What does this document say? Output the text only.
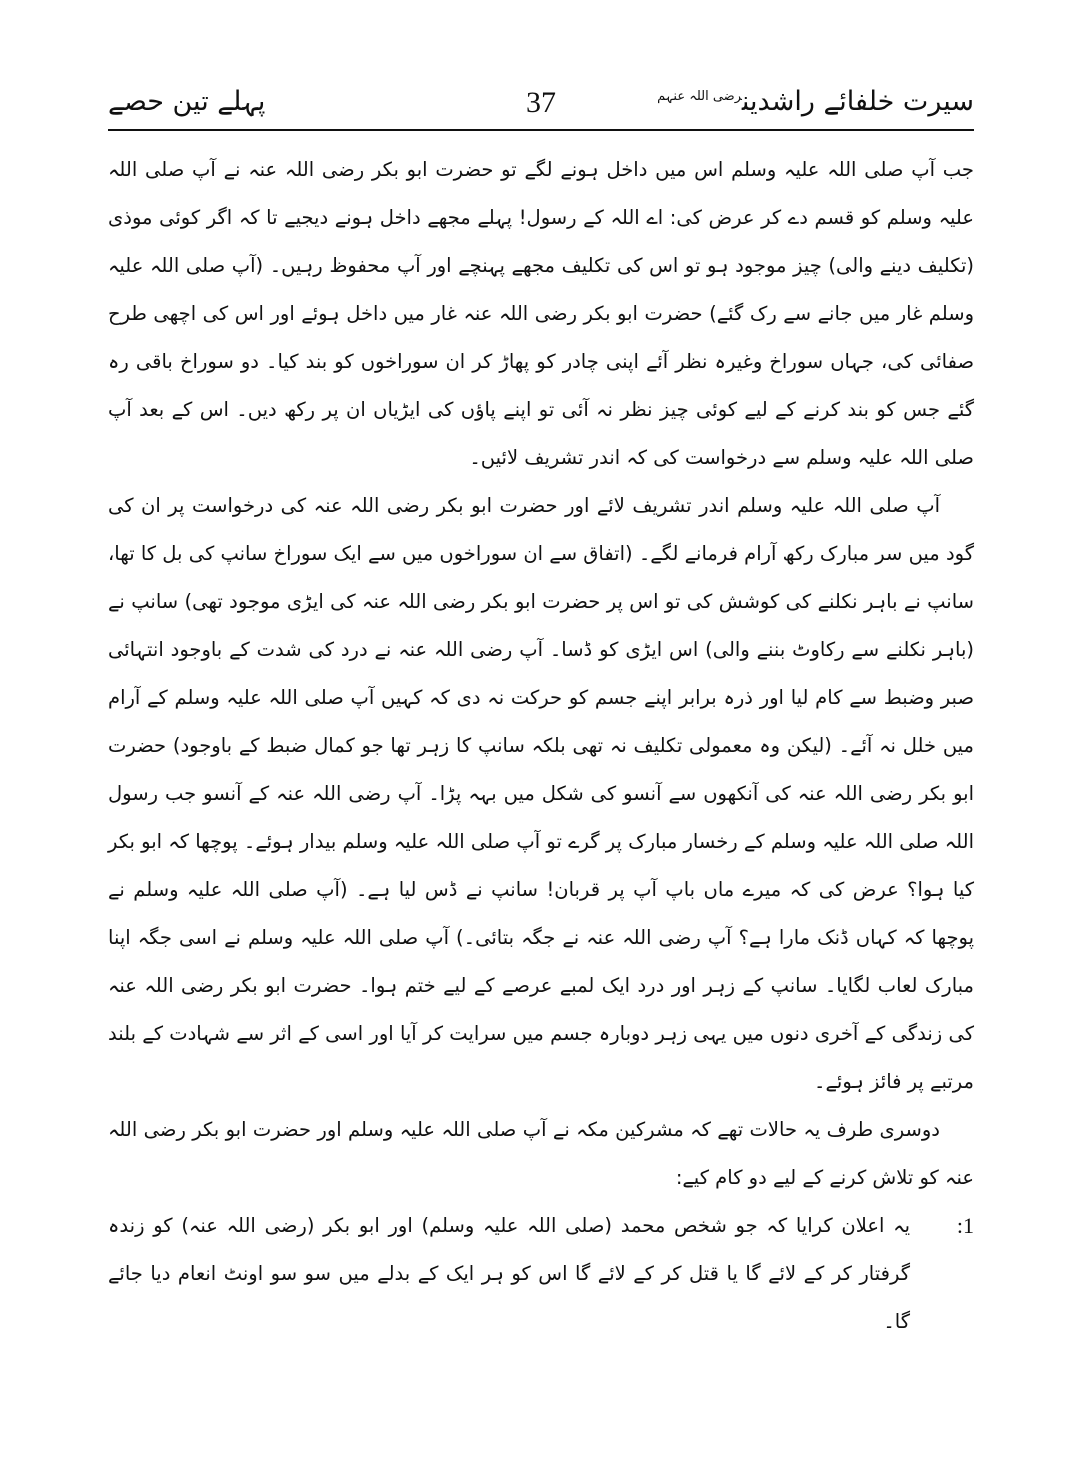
سیرت خلفائے راشدین$^{رضی اللہ عنہم}$
37
پہلے تین حصے

جب آپ صلی اللہ علیہ وسلم اس میں داخل ہونے لگے تو حضرت ابو بکر رضی اللہ عنہ نے آپ صلی اللہ علیہ وسلم کو قسم دے کر عرض کی: اے اللہ کے رسول! پہلے مجھے داخل ہونے دیجیے تا کہ اگر کوئی موذی (تکلیف دینے والی) چیز موجود ہو تو اس کی تکلیف مجھے پہنچے اور آپ محفوظ رہیں۔ (آپ صلی اللہ علیہ وسلم غار میں جانے سے رک گئے) حضرت ابو بکر رضی اللہ عنہ غار میں داخل ہوئے اور اس کی اچھی طرح صفائی کی، جہاں سوراخ وغیرہ نظر آئے اپنی چادر کو پھاڑ کر ان سوراخوں کو بند کیا۔ دو سوراخ باقی رہ گئے جس کو بند کرنے کے لیے کوئی چیز نظر نہ آئی تو اپنے پاؤں کی ایڑیاں ان پر رکھ دیں۔ اس کے بعد آپ صلی اللہ علیہ وسلم سے درخواست کی کہ اندر تشریف لائیں۔

آپ صلی اللہ علیہ وسلم اندر تشریف لائے اور حضرت ابو بکر رضی اللہ عنہ کی درخواست پر ان کی گود میں سر مبارک رکھ آرام فرمانے لگے۔ (اتفاق سے ان سوراخوں میں سے ایک سوراخ سانپ کی بل کا تھا، سانپ نے باہر نکلنے کی کوشش کی تو اس پر حضرت ابو بکر رضی اللہ عنہ کی ایڑی موجود تھی) سانپ نے (باہر نکلنے سے رکاوٹ بننے والی) اس ایڑی کو ڈسا۔ آپ رضی اللہ عنہ نے درد کی شدت کے باوجود انتہائی صبر وضبط سے کام لیا اور ذرہ برابر اپنے جسم کو حرکت نہ دی کہ کہیں آپ صلی اللہ علیہ وسلم کے آرام میں خلل نہ آئے۔ (لیکن وہ معمولی تکلیف نہ تھی بلکہ سانپ کا زہر تھا جو کمال ضبط کے باوجود) حضرت ابو بکر رضی اللہ عنہ کی آنکھوں سے آنسو کی شکل میں بہہ پڑا۔ آپ رضی اللہ عنہ کے آنسو جب رسول اللہ صلی اللہ علیہ وسلم کے رخسار مبارک پر گرے تو آپ صلی اللہ علیہ وسلم بیدار ہوئے۔ پوچھا کہ ابو بکر کیا ہوا؟ عرض کی کہ میرے ماں باپ آپ پر قربان! سانپ نے ڈس لیا ہے۔ (آپ صلی اللہ علیہ وسلم نے پوچھا کہ کہاں ڈنک مارا ہے؟ آپ رضی اللہ عنہ نے جگہ بتائی۔) آپ صلی اللہ علیہ وسلم نے اسی جگہ اپنا مبارک لعاب لگایا۔ سانپ کے زہر اور درد ایک لمبے عرصے کے لیے ختم ہوا۔ حضرت ابو بکر رضی اللہ عنہ کی زندگی کے آخری دنوں میں یہی زہر دوبارہ جسم میں سرایت کر آیا اور اسی کے اثر سے شہادت کے بلند مرتبے پر فائز ہوئے۔

دوسری طرف یہ حالات تھے کہ مشرکین مکہ نے آپ صلی اللہ علیہ وسلم اور حضرت ابو بکر رضی اللہ عنہ کو تلاش کرنے کے لیے دو کام کیے:

1:
یہ اعلان کرایا کہ جو شخص محمد (صلی اللہ علیہ وسلم) اور ابو بکر (رضی اللہ عنہ) کو زندہ گرفتار کر کے لائے گا یا قتل کر کے لائے گا اس کو ہر ایک کے بدلے میں سو سو اونٹ انعام دیا جائے گا۔
